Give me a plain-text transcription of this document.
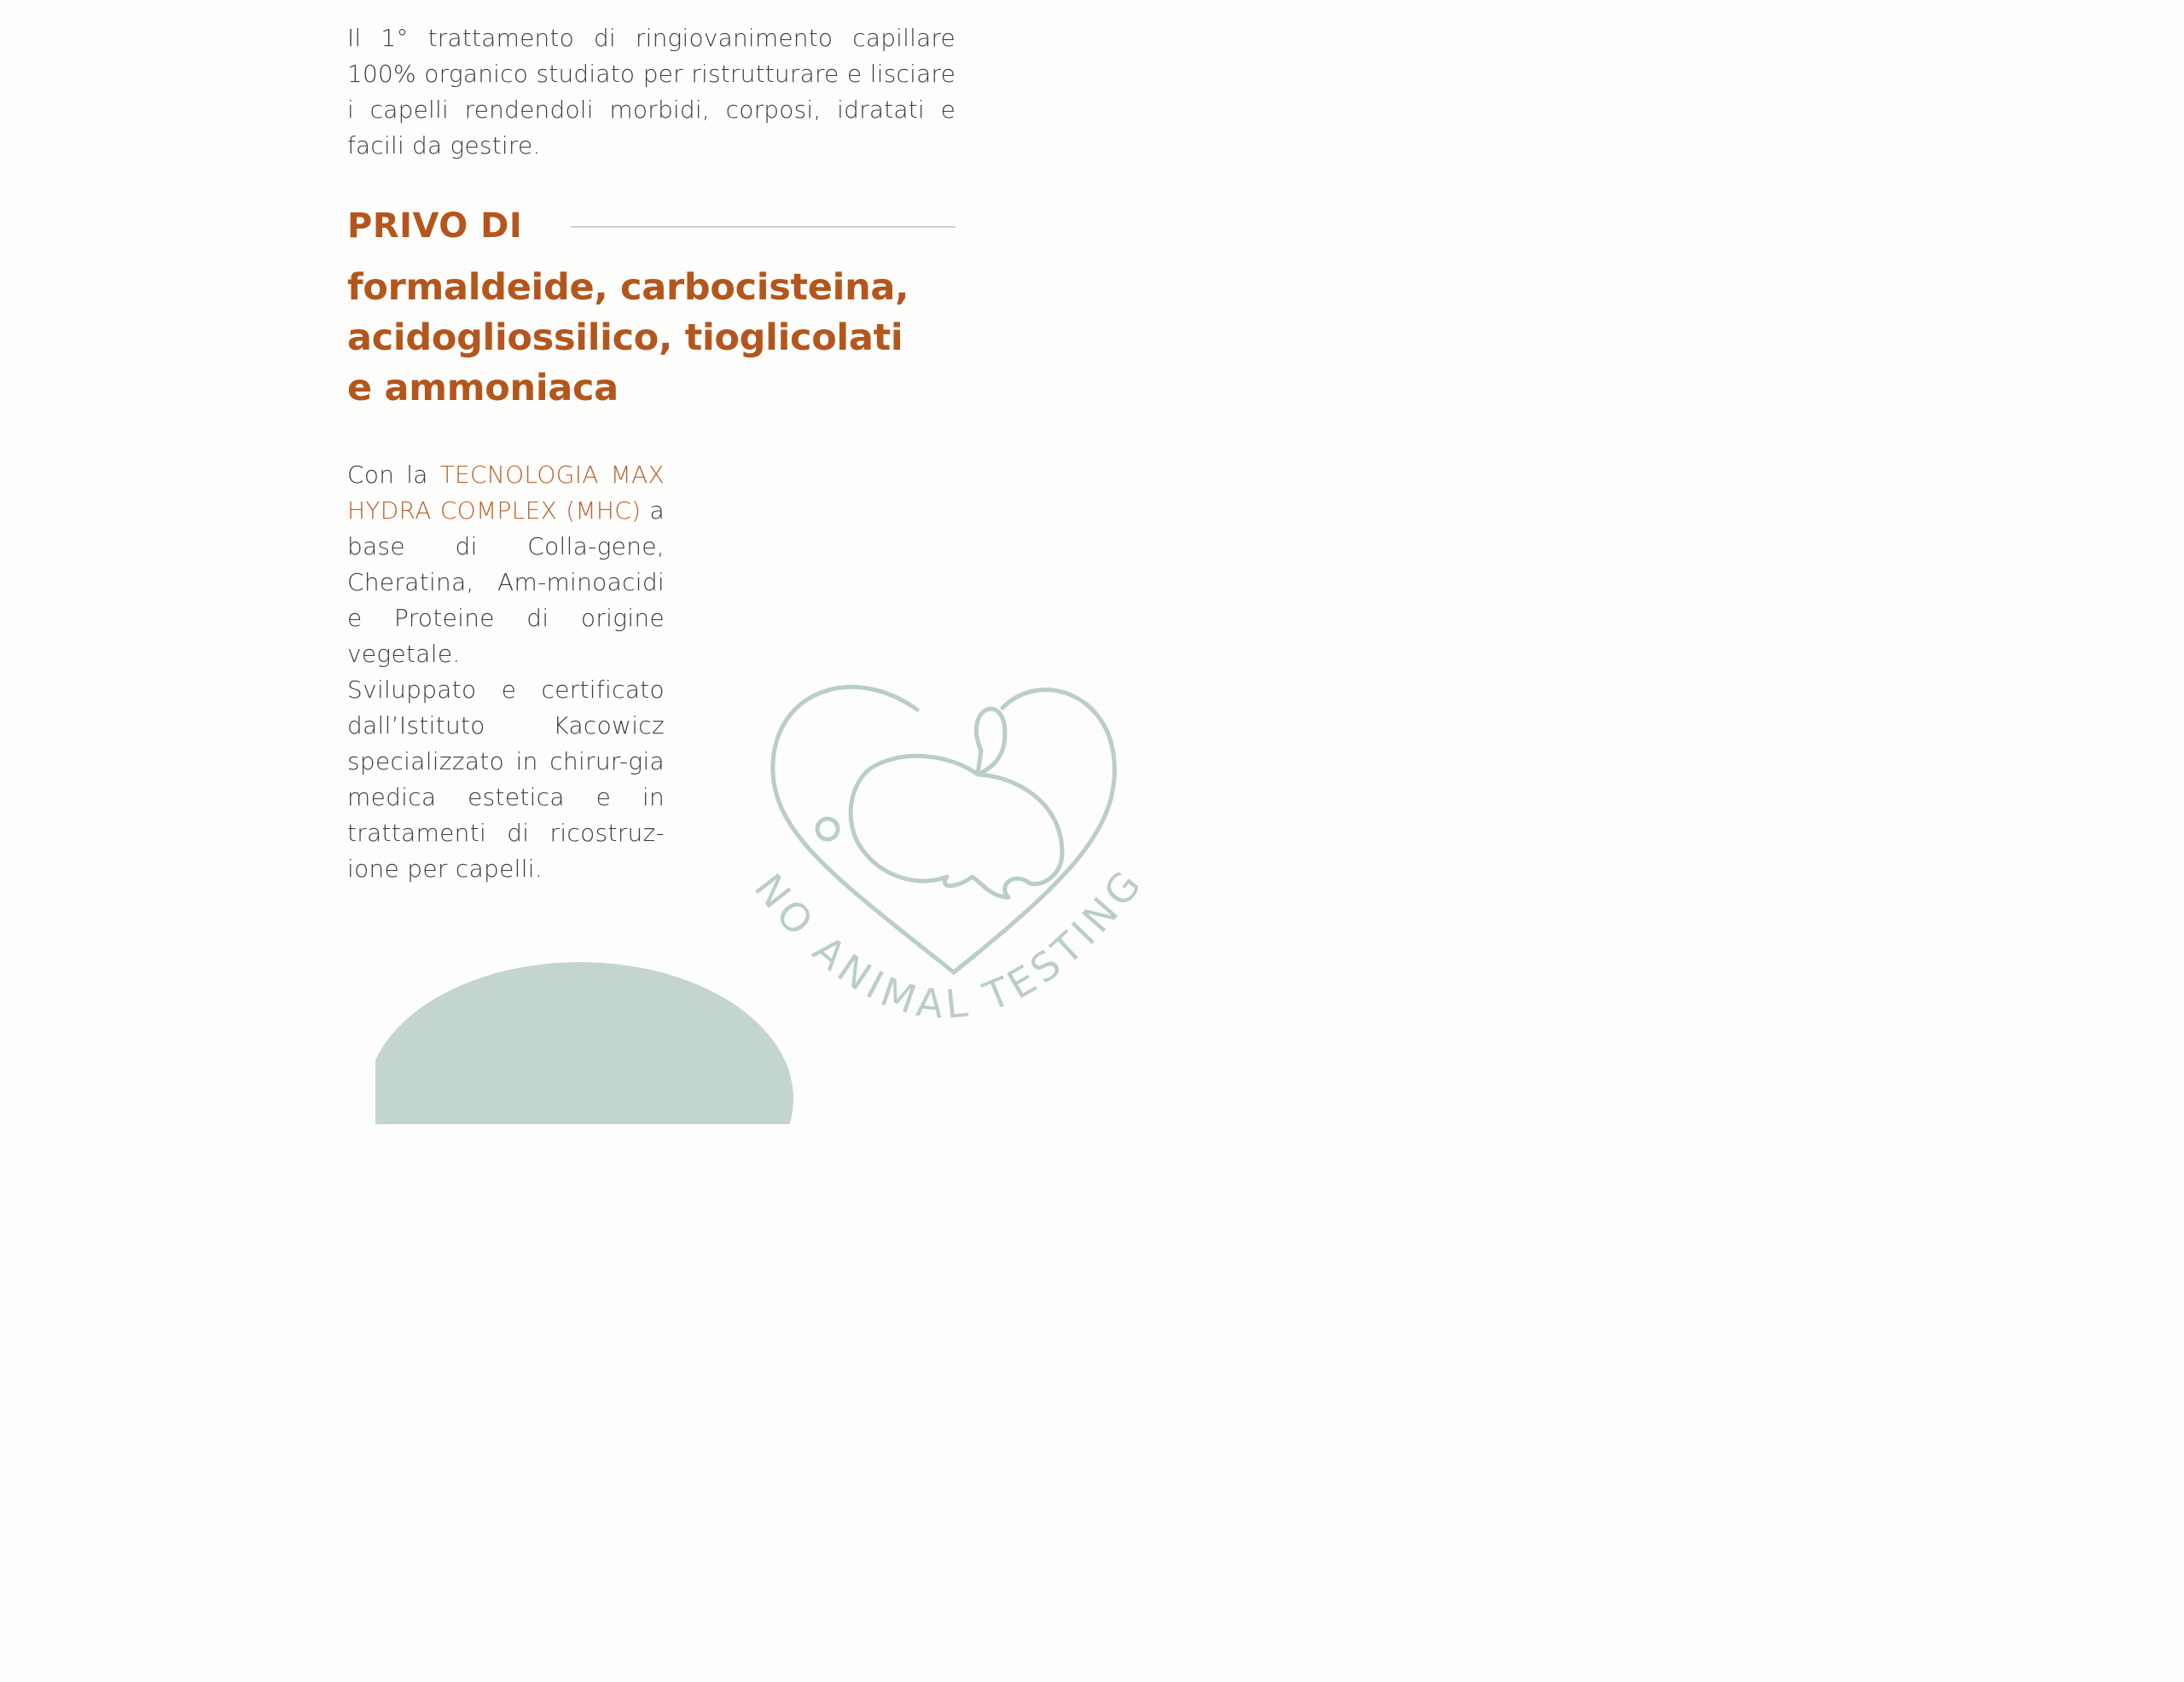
Il 1° trattamento di ringiovanimento capillare 100% organico studiato per ristrutturare e lisciare i capelli rendendoli morbidi, corposi, idratati e facili da gestire.

PRIVO DI
formaldeide, carbocisteina,
acidogliossilico, tioglicolati
e ammoniaca

Con la TECNOLOGIA MAX HYDRA COMPLEX (MHC) a base di Colla-gene, Cheratina, Am-minoacidi e Proteine di origine vegetale.

Sviluppato e certificato dall’Istituto Kacowicz specializzato in chirur-gia medica estetica e in trattamenti di ricostruz-ione per capelli.	NO ANIMAL TESTING
